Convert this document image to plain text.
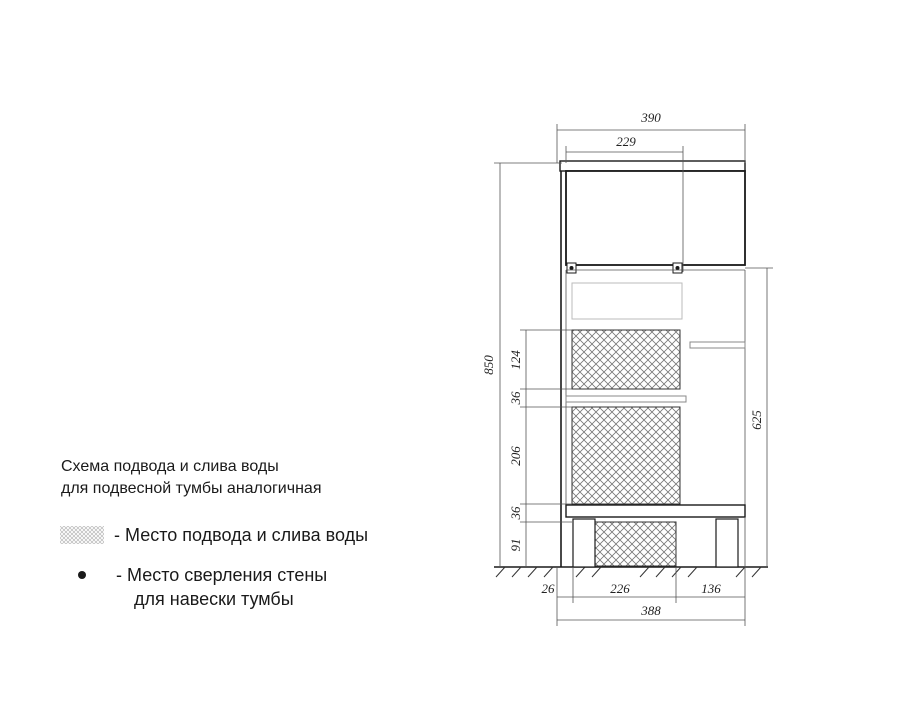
Схема подвода и слива воды
для подвесной тумбы аналогичная

- Место подвода и слива воды
- Место сверления стены
для навески тумбы
390
229
850 124
36
206
36
91
625
26	226	136
388
